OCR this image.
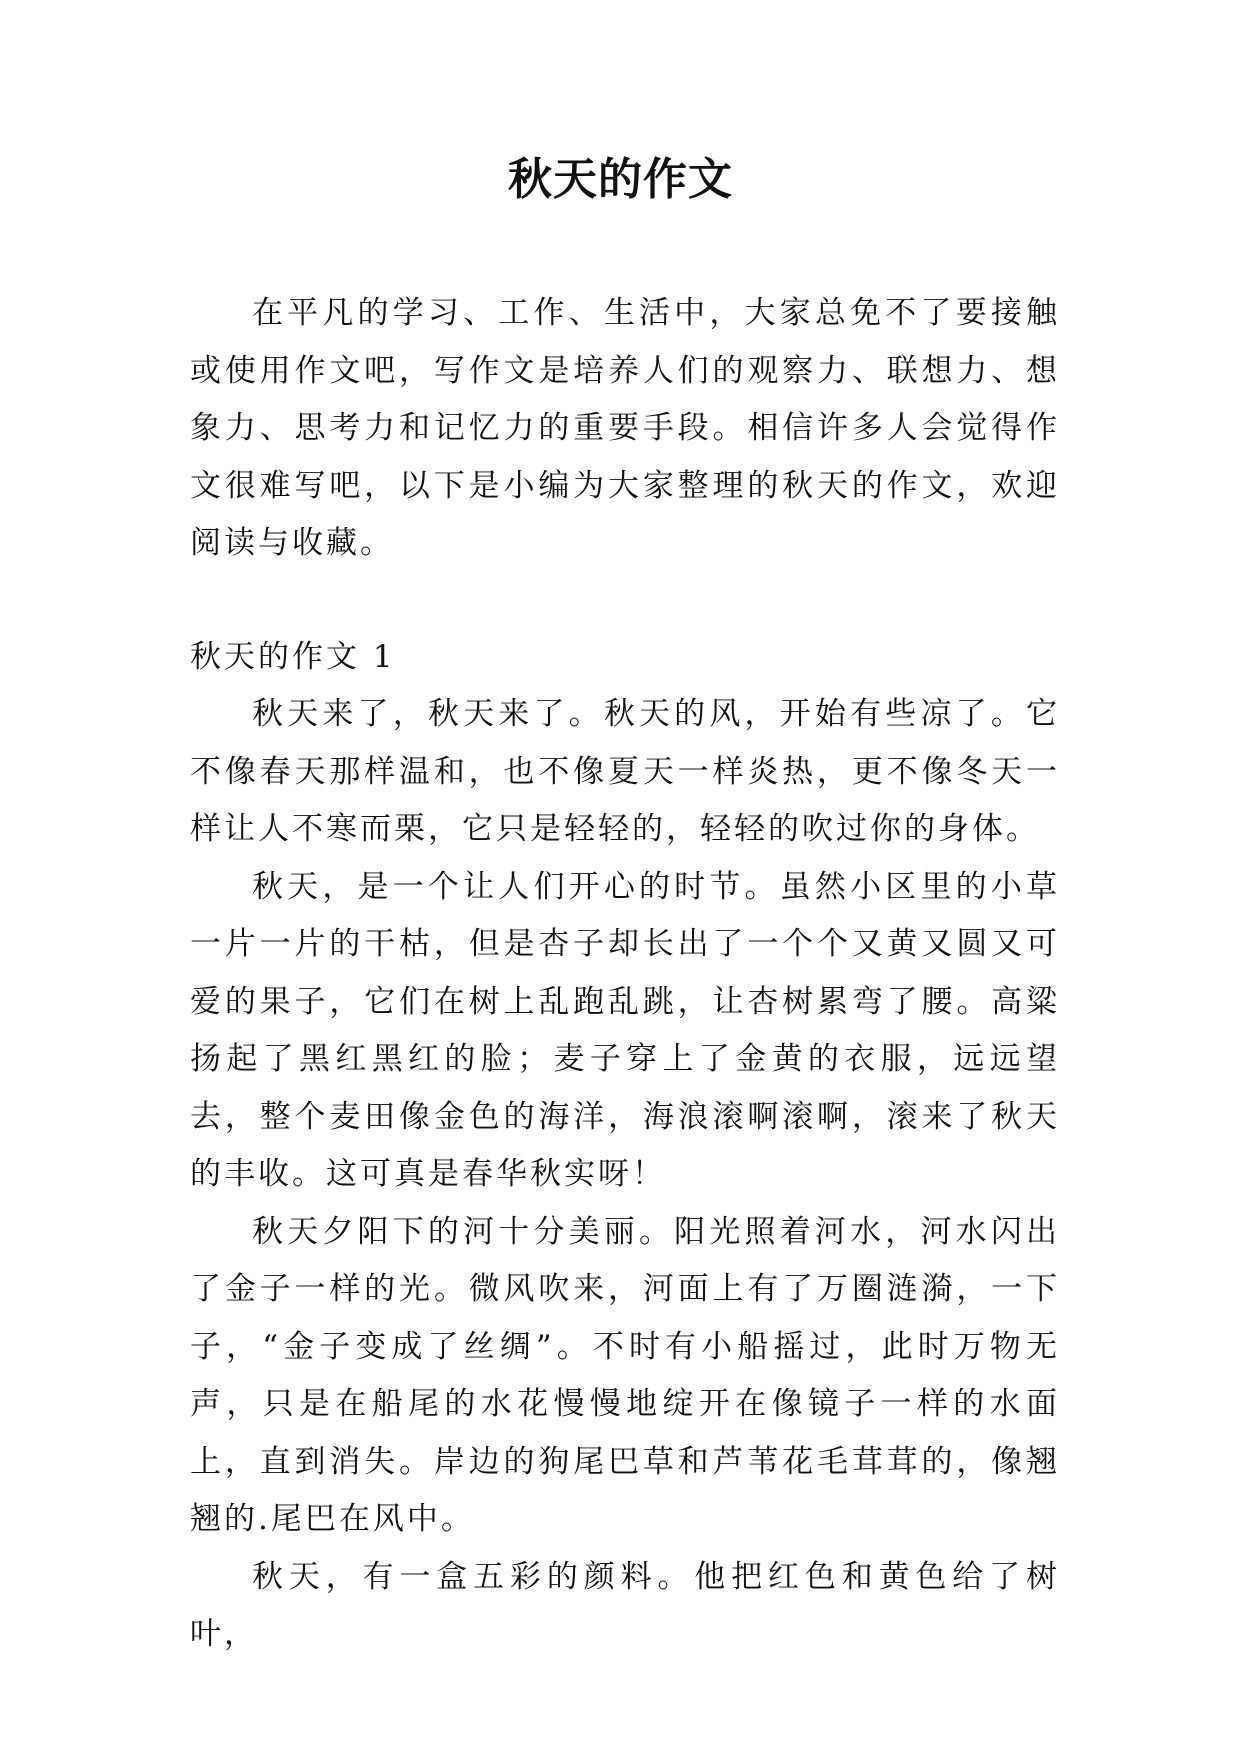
秋天的作文

在平凡的学习、工作、生活中，大家总免不了要接触或使用作文吧，写作文是培养人们的观察力、联想力、想象力、思考力和记忆力的重要手段。相信许多人会觉得作文很难写吧，以下是小编为大家整理的秋天的作文，欢迎阅读与收藏。

秋天的作文 1

秋天来了，秋天来了。秋天的风，开始有些凉了。它不像春天那样温和，也不像夏天一样炎热，更不像冬天一样让人不寒而栗，它只是轻轻的，轻轻的吹过你的身体。

秋天，是一个让人们开心的时节。虽然小区里的小草一片一片的干枯，但是杏子却长出了一个个又黄又圆又可爱的果子，它们在树上乱跑乱跳，让杏树累弯了腰。高粱扬起了黑红黑红的脸；麦子穿上了金黄的衣服，远远望去，整个麦田像金色的海洋，海浪滚啊滚啊，滚来了秋天的丰收。这可真是春华秋实呀！

秋天夕阳下的河十分美丽。阳光照着河水，河水闪出了金子一样的光。微风吹来，河面上有了万圈涟漪，一下子，“金子变成了丝绸”。不时有小船摇过，此时万物无声，只是在船尾的水花慢慢地绽开在像镜子一样的水面上，直到消失。岸边的狗尾巴草和芦苇花毛茸茸的，像翘翘的.尾巴在风中。

秋天，有一盒五彩的颜料。他把红色和黄色给了树叶，
